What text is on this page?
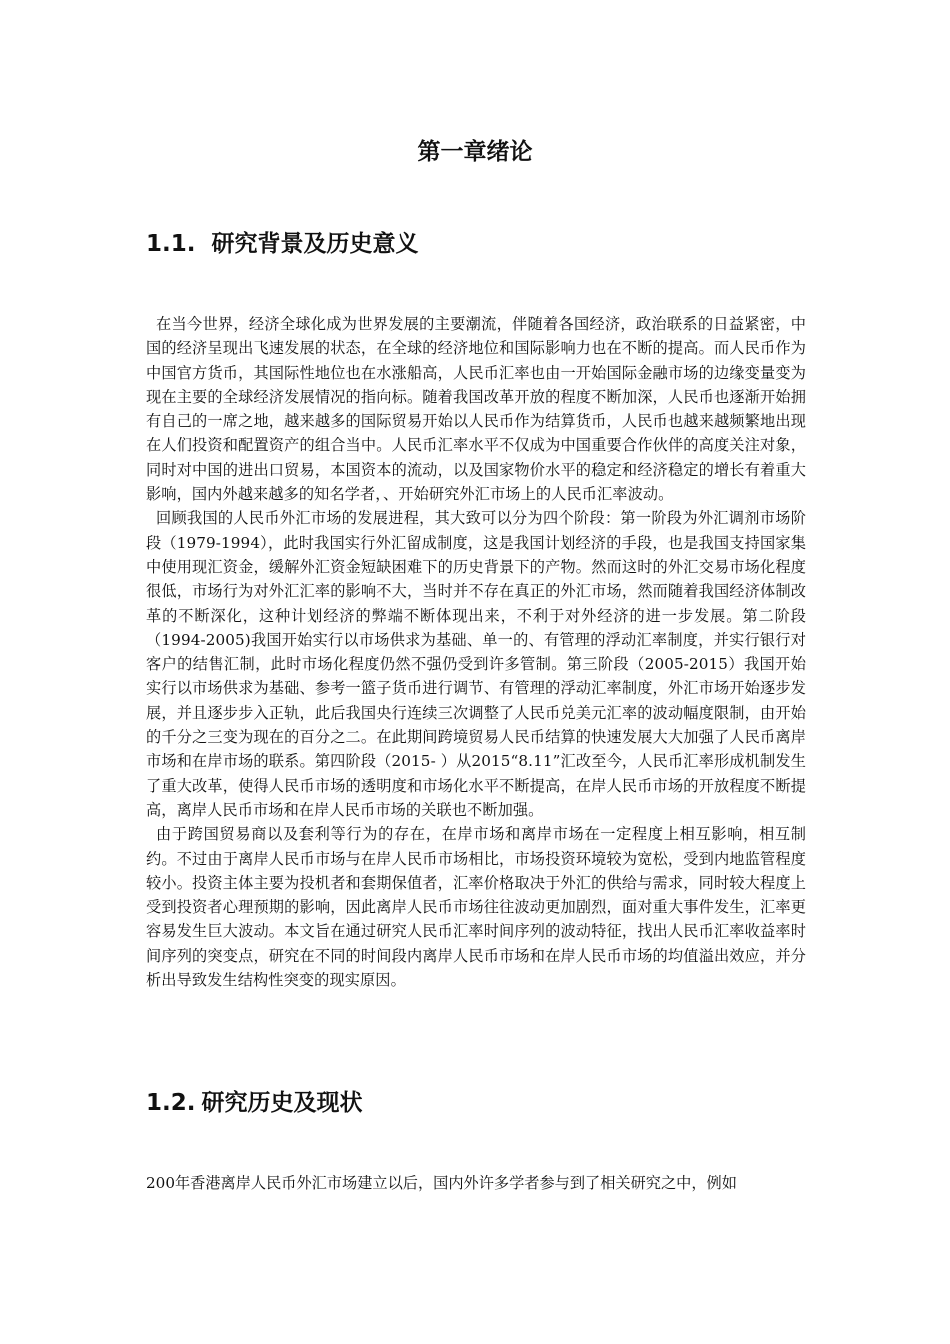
第一章绪论
1.1. 研究背景及历史意义

在当今世界，经济全球化成为世界发展的主要潮流，伴随着各国经济，政治联系的日益紧密，中国的经济呈现出飞速发展的状态，在全球的经济地位和国际影响力也在不断的提高。而人民币作为中国官方货币，其国际性地位也在水涨船高，人民币汇率也由一开始国际金融市场的边缘变量变为现在主要的全球经济发展情况的指向标。随着我国改革开放的程度不断加深，人民币也逐渐开始拥有自己的一席之地，越来越多的国际贸易开始以人民币作为结算货币，人民币也越来越频繁地出现在人们投资和配置资产的组合当中。人民币汇率水平不仅成为中国重要合作伙伴的高度关注对象，同时对中国的进出口贸易，本国资本的流动，以及国家物价水平的稳定和经济稳定的增长有着重大影响，国内外越来越多的知名学者，、开始研究外汇市场上的人民币汇率波动。

回顾我国的人民币外汇市场的发展进程，其大致可以分为四个阶段：第一阶段为外汇调剂市场阶段（1979-1994），此时我国实行外汇留成制度，这是我国计划经济的手段，也是我国支持国家集中使用现汇资金，缓解外汇资金短缺困难下的历史背景下的产物。然而这时的外汇交易市场化程度很低，市场行为对外汇汇率的影响不大，当时并不存在真正的外汇市场，然而随着我国经济体制改革的不断深化，这种计划经济的弊端不断体现出来，不利于对外经济的进一步发展。第二阶段（1994-2005)我国开始实行以市场供求为基础、单一的、有管理的浮动汇率制度，并实行银行对客户的结售汇制，此时市场化程度仍然不强仍受到许多管制。第三阶段（2005-2015）我国开始实行以市场供求为基础、参考一篮子货币进行调节、有管理的浮动汇率制度，外汇市场开始逐步发展，并且逐步步入正轨，此后我国央行连续三次调整了人民币兑美元汇率的波动幅度限制，由开始的千分之三变为现在的百分之二。在此期间跨境贸易人民币结算的快速发展大大加强了人民币离岸市场和在岸市场的联系。第四阶段（2015- ）从2015“8.11”汇改至今，人民币汇率形成机制发生了重大改革，使得人民币市场的透明度和市场化水平不断提高，在岸人民币市场的开放程度不断提高，离岸人民币市场和在岸人民币市场的关联也不断加强。

由于跨国贸易商以及套利等行为的存在，在岸市场和离岸市场在一定程度上相互影响，相互制约。不过由于离岸人民币市场与在岸人民币市场相比，市场投资环境较为宽松，受到内地监管程度较小。投资主体主要为投机者和套期保值者，汇率价格取决于外汇的供给与需求，同时较大程度上受到投资者心理预期的影响，因此离岸人民币市场往往波动更加剧烈，面对重大事件发生，汇率更容易发生巨大波动。本文旨在通过研究人民币汇率时间序列的波动特征，找出人民币汇率收益率时间序列的突变点，研究在不同的时间段内离岸人民币市场和在岸人民币市场的均值溢出效应，并分析出导致发生结构性突变的现实原因。

1.2. 研究历史及现状
200年香港离岸人民币外汇市场建立以后，国内外许多学者参与到了相关研究之中，例如
